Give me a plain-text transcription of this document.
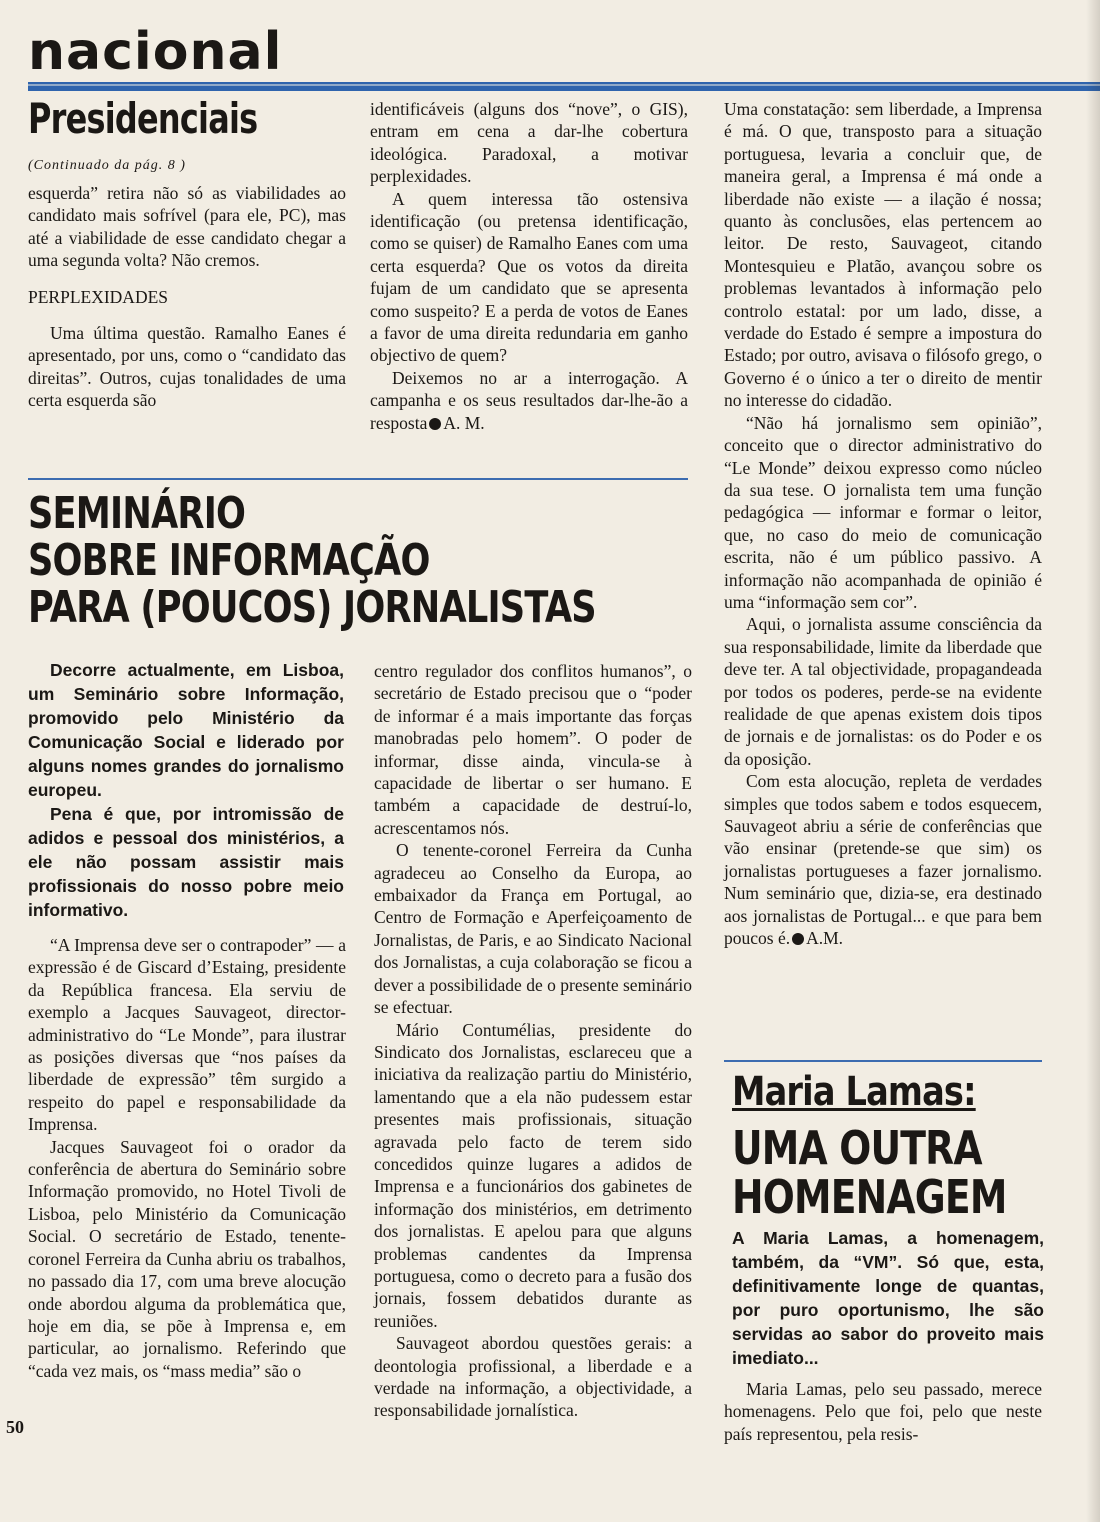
nacional
Presidenciais
(Continuado da pág. 8 )

esquerda” retira não só as viabilidades ao candidato mais sofrível (para ele, PC), mas até a viabilidade de esse candidato chegar a uma segunda volta? Não cremos.

PERPLEXIDADES

Uma última questão. Ramalho Eanes é apresentado, por uns, como o “candidato das direitas”. Outros, cujas tonalidades de uma certa esquerda são

identificáveis (alguns dos “nove”, o GIS), entram em cena a dar-lhe cobertura ideológica. Paradoxal, a motivar perplexidades.

A quem interessa tão ostensiva identificação (ou pretensa identificação, como se quiser) de Ramalho Eanes com uma certa esquerda? Que os votos da direita fujam de um candidato que se apresenta como suspeito? E a perda de votos de Eanes a favor de uma direita redundaria em ganho objectivo de quem?

Deixemos no ar a interrogação. A campanha e os seus resultados dar-lhe-ão a resposta A. M.

SEMINÁRIO
SOBRE INFORMAÇÃO
PARA (POUCOS) JORNALISTAS

Decorre actualmente, em Lisboa, um Seminário sobre Informação, promovido pelo Ministério da Comunicação Social e liderado por alguns nomes grandes do jornalismo europeu.

Pena é que, por intromissão de adidos e pessoal dos ministérios, a ele não possam assistir mais profissionais do nosso pobre meio informativo.

“A Imprensa deve ser o contrapoder” — a expressão é de Giscard d’Estaing, presidente da República francesa. Ela serviu de exemplo a Jacques Sauvageot, director-administrativo do “Le Monde”, para ilustrar as posições diversas que “nos países da liberdade de expressão” têm surgido a respeito do papel e responsabilidade da Imprensa.

Jacques Sauvageot foi o orador da conferência de abertura do Seminário sobre Informação promovido, no Hotel Tivoli de Lisboa, pelo Ministério da Comunicação Social. O secretário de Estado, tenente-coronel Ferreira da Cunha abriu os trabalhos, no passado dia 17, com uma breve alocução onde abordou alguma da problemática que, hoje em dia, se põe à Imprensa e, em particular, ao jornalismo. Referindo que “cada vez mais, os “mass media” são o

centro regulador dos conflitos humanos”, o secretário de Estado precisou que o “poder de informar é a mais importante das forças manobradas pelo homem”. O poder de informar, disse ainda, vincula-se à capacidade de libertar o ser humano. E também a capacidade de destruí-lo, acrescentamos nós.

O tenente-coronel Ferreira da Cunha agradeceu ao Conselho da Europa, ao embaixador da França em Portugal, ao Centro de Formação e Aperfeiçoamento de Jornalistas, de Paris, e ao Sindicato Nacional dos Jornalistas, a cuja colaboração se ficou a dever a possibilidade de o presente seminário se efectuar.

Mário Contumélias, presidente do Sindicato dos Jornalistas, esclareceu que a iniciativa da realização partiu do Ministério, lamentando que a ela não pudessem estar presentes mais profissionais, situação agravada pelo facto de terem sido concedidos quinze lugares a adidos de Imprensa e a funcionários dos gabinetes de informação dos ministérios, em detrimento dos jornalistas. E apelou para que alguns problemas candentes da Imprensa portuguesa, como o decreto para a fusão dos jornais, fossem debatidos durante as reuniões.

Sauvageot abordou questões gerais: a deontologia profissional, a liberdade e a verdade na informação, a objectividade, a responsabilidade jornalística.

Uma constatação: sem liberdade, a Imprensa é má. O que, transposto para a situação portuguesa, levaria a concluir que, de maneira geral, a Imprensa é má onde a liberdade não existe — a ilação é nossa; quanto às conclusões, elas pertencem ao leitor. De resto, Sauvageot, citando Montesquieu e Platão, avançou sobre os problemas levantados à informação pelo controlo estatal: por um lado, disse, a verdade do Estado é sempre a impostura do Estado; por outro, avisava o filósofo grego, o Governo é o único a ter o direito de mentir no interesse do cidadão.

“Não há jornalismo sem opinião”, conceito que o director administrativo do “Le Monde” deixou expresso como núcleo da sua tese. O jornalista tem uma função pedagógica — informar e formar o leitor, que, no caso do meio de comunicação escrita, não é um público passivo. A informação não acompanhada de opinião é uma “informação sem cor”.

Aqui, o jornalista assume consciência da sua responsabilidade, limite da liberdade que deve ter. A tal objectividade, propagandeada por todos os poderes, perde-se na evidente realidade de que apenas existem dois tipos de jornais e de jornalistas: os do Poder e os da oposição.

Com esta alocução, repleta de verdades simples que todos sabem e todos esquecem, Sauvageot abriu a série de conferências que vão ensinar (pretende-se que sim) os jornalistas portugueses a fazer jornalismo. Num seminário que, dizia-se, era destinado aos jornalistas de Portugal... e que para bem poucos é. A.M.

Maria Lamas:
UMA OUTRA
HOMENAGEM

A Maria Lamas, a homenagem, também, da “VM”. Só que, esta, definitivamente longe de quantas, por puro oportunismo, lhe são servidas ao sabor do proveito mais imediato...

Maria Lamas, pelo seu passado, merece homenagens. Pelo que foi, pelo que neste país representou, pela resis-

50
